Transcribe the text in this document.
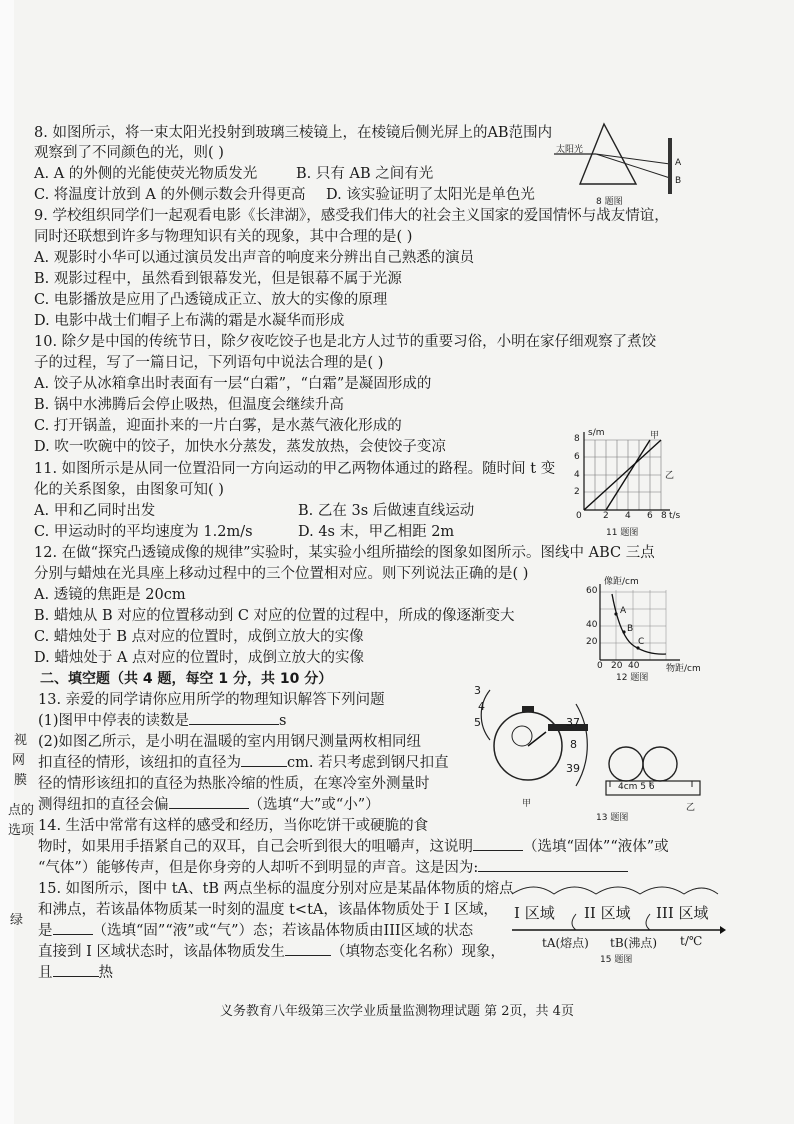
视
网
膜
点的
选项
绿
8. 如图所示，将一束太阳光投射到玻璃三棱镜上，在棱镜后侧光屏上的AB范围内
观察到了不同颜色的光，则( )
A. A 的外侧的光能使荧光物质发光	B. 只有 AB 之间有光
C. 将温度计放到 A 的外侧示数会升得更高 D. 该实验证明了太阳光是单色光
太阳光
A
B
8 题图
9. 学校组织同学们一起观看电影《长津湖》，感受我们伟大的社会主义国家的爱国情怀与战友情谊，
同时还联想到许多与物理知识有关的现象，其中合理的是( )
A. 观影时小华可以通过演员发出声音的响度来分辨出自己熟悉的演员
B. 观影过程中，虽然看到银幕发光，但是银幕不属于光源
C. 电影播放是应用了凸透镜成正立、放大的实像的原理
D. 电影中战士们帽子上布满的霜是水凝华而形成
10. 除夕是中国的传统节日，除夕夜吃饺子也是北方人过节的重要习俗，小明在家仔细观察了煮饺
子的过程，写了一篇日记，下列语句中说法合理的是( )
A. 饺子从冰箱拿出时表面有一层“白霜”，“白霜”是凝固形成的
B. 锅中水沸腾后会停止吸热，但温度会继续升高
C. 打开锅盖，迎面扑来的一片白雾，是水蒸气液化形成的
D. 吹一吹碗中的饺子，加快水分蒸发，蒸发放热，会使饺子变凉
11. 如图所示是从同一位置沿同一方向运动的甲乙两物体通过的路程。随时间 t 变
化的关系图象，由图象可知( )
A. 甲和乙同时出发	B. 乙在 3s 后做速直线运动
C. 甲运动时的平均速度为 1.2m/s	D. 4s 末，甲乙相距 2m
s/m	甲
乙
8
6
4
2
0 2 4 6 8 t/s
11 题图
12. 在做“探究凸透镜成像的规律”实验时，某实验小组所描绘的图象如图所示。图线中 ABC 三点
分别与蜡烛在光具座上移动过程中的三个位置相对应。则下列说法正确的是( )
A. 透镜的焦距是 20cm
B. 蜡烛从 B 对应的位置移动到 C 对应的位置的过程中，所成的像逐渐变大
C. 蜡烛处于 B 点对应的位置时，成倒立放大的实像
D. 蜡烛处于 A 点对应的位置时，成倒立放大的实像
像距/cm
60
40
20
0 20 40	物距/cm
A
B
C
12 题图
二、填空题（共 4 题，每空 1 分，共 10 分）
13. 亲爱的同学请你应用所学的物理知识解答下列问题
(1)图甲中停表的读数是	s
(2)如图乙所示，是小明在温暖的室内用钢尺测量两枚相同纽
扣直径的情形，该纽扣的直径为	cm. 若只考虑到钢尺扣直
径的情形该纽扣的直径为热胀冷缩的性质，在寒冷室外测量时
测得纽扣的直径会偏	（选填“大”或“小”）
3
4
5	37
8
39
4cm 5 6
甲	乙
13 题图
14. 生活中常常有这样的感受和经历，当你吃饼干或硬脆的食
物时，如果用手捂紧自己的双耳，自己会听到很大的咀嚼声，这说明	（选填“固体”“液体”或
“气体”）能够传声，但是你身旁的人却听不到明显的声音。这是因为:
15. 如图所示，图中 tA、tB 两点坐标的温度分别对应是某晶体物质的熔点
和沸点，若该晶体物质某一时刻的温度 t<tA，该晶体物质处于 I 区域，
是	（选填“固”“液”或“气”）态；若该晶体物质由III区域的状态
直接到 I 区域状态时，该晶体物质发生	（填物态变化名称）现象，
且	热
I 区域 II 区域 III 区域
tA(熔点) tB(沸点) t/℃
15 题图
义务教育八年级第三次学业质量监测物理试题 第 2页，共 4页
